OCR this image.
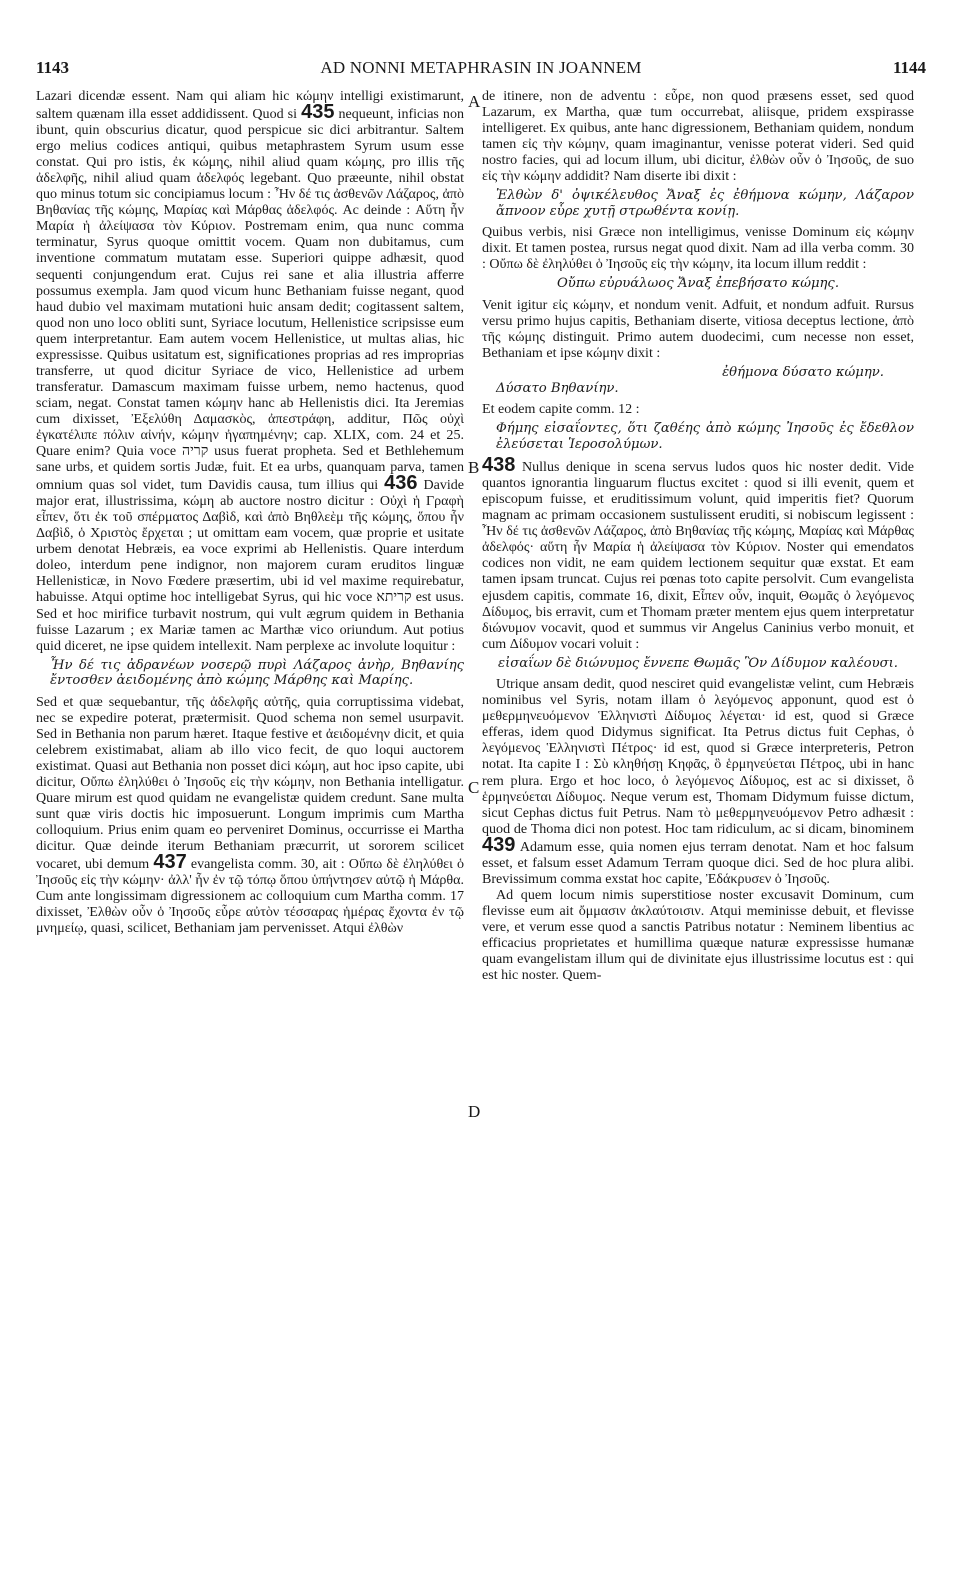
1143	AD NONNI METAPHRASIN IN JOANNEM	1144
A
B
C
D

Lazari dicendæ essent. Nam qui aliam hic κώμην intelligi existimarunt, saltem quænam illa esset addidissent. Quod si 435 nequeunt, inficias non ibunt, quin obscurius dicatur, quod perspicue sic dici arbitrantur. Saltem ergo melius codices antiqui, quibus metaphrastem Syrum usum esse constat. Qui pro istis, ἐκ κώμης, nihil aliud quam κώμης, pro illis τῆς ἀδελφῆς, nihil aliud quam ἀδελφός legebant. Quo præeunte, nihil obstat quo minus totum sic concipiamus locum : Ἦν δέ τις ἀσθενῶν Λάζαρος, ἀπὸ Βηθανίας τῆς κώμης, Μαρίας καὶ Μάρθας ἀδελφός. Ac deinde : Αὕτη ἦν Μαρία ἡ ἀλείψασα τὸν Κύριον. Postremam enim, qua nunc comma terminatur, Syrus quoque omittit vocem. Quam non dubitamus, cum inventione commatum mutatam esse. Superiori quippe adhæsit, quod sequenti conjungendum erat. Cujus rei sane et alia illustria afferre possumus exempla. Jam quod vicum hunc Bethaniam fuisse negant, quod haud dubio vel maximam mutationi huic ansam dedit; cogitassent saltem, quod non uno loco obliti sunt, Syriace locutum, Hellenistice scripsisse eum quem interpretantur. Eam autem vocem Hellenistice, ut multas alias, hic expressisse. Quibus usitatum est, significationes proprias ad res improprias transferre, ut quod dicitur Syriace de vico, Hellenistice ad urbem transferatur. Damascum maximam fuisse urbem, nemo hactenus, quod sciam, negat. Constat tamen κώμην hanc ab Hellenistis dici. Ita Jeremias cum dixisset, Ἐξελύθη Δαμασκὸς, ἀπεστράφη, additur, Πῶς οὐχὶ ἐγκατέλιπε πόλιν αἰνήν, κώμην ἠγαπημένην; cap. XLIX, com. 24 et 25. Quare enim? Quia voce קריה usus fuerat propheta. Sed et Bethlehemum sane urbs, et quidem sortis Judæ, fuit. Et ea urbs, quanquam parva, tamen omnium quas sol videt, tum Davidis causa, tum illius qui 436 Davide major erat, illustrissima, κώμη ab auctore nostro dicitur : Οὐχὶ ἡ Γραφὴ εἶπεν, ὅτι ἐκ τοῦ σπέρματος Δαβὶδ, καὶ ἀπὸ Βηθλεὲμ τῆς κώμης, ὅπου ἦν Δαβὶδ, ὁ Χριστὸς ἔρχεται ; ut omittam eam vocem, quæ proprie et usitate urbem denotat Hebræis, ea voce exprimi ab Hellenistis. Quare interdum doleo, interdum pene indignor, non majorem curam eruditos linguæ Hellenisticæ, in Novo Fœdere præsertim, ubi id vel maxime requirebatur, habuisse. Atqui optime hoc intelligebat Syrus, qui hic voce קריתא est usus. Sed et hoc mirifice turbavit nostrum, qui vult ægrum quidem in Bethania fuisse Lazarum ; ex Mariæ tamen ac Marthæ vico oriundum. Aut potius quid diceret, ne ipse quidem intellexit. Nam perplexe ac involute loquitur :

Ἦν δέ τις ἀδρανέων νοσερῷ πυρὶ Λάζαρος ἀνὴρ, Βηθανίης ἔντοσθεν ἀειδομένης ἀπὸ κώμης Μάρθης καὶ Μαρίης.

Sed et quæ sequebantur, τῆς ἀδελφῆς αὐτῆς, quia corruptissima videbat, nec se expedire poterat, prætermisit. Quod schema non semel usurpavit. Sed in Bethania non parum hæret. Itaque festive et ἀειδομένην dicit, et quia celebrem existimabat, aliam ab illo vico fecit, de quo loqui auctorem existimat. Quasi aut Bethania non posset dici κώμη, aut hoc ipso capite, ubi dicitur, Οὔπω ἐληλύθει ὁ Ἰησοῦς εἰς τὴν κώμην, non Bethania intelligatur. Quare mirum est quod quidam ne evangelistæ quidem credunt. Sane multa sunt quæ viris doctis hic imposuerunt. Longum imprimis cum Martha colloquium. Prius enim quam eo perveniret Dominus, occurrisse ei Martha dicitur. Quæ deinde iterum Bethaniam præcurrit, ut sororem scilicet vocaret, ubi demum 437 evangelista comm. 30, ait : Οὔπω δὲ ἐληλύθει ὁ Ἰησοῦς εἰς τὴν κώμην· ἀλλ' ἦν ἐν τῷ τόπῳ ὅπου ὑπήντησεν αὐτῷ ἡ Μάρθα. Cum ante longissimam digressionem ac colloquium cum Martha comm. 17 dixisset, Ἐλθὼν οὖν ὁ Ἰησοῦς εὗρε αὐτὸν τέσσαρας ἡμέρας ἔχοντα ἐν τῷ μνημείῳ, quasi, scilicet, Bethaniam jam pervenisset. Atqui ἐλθὼν

de itinere, non de adventu : εὗρε, non quod præsens esset, sed quod Lazarum, ex Martha, quæ tum occurrebat, aliisque, pridem exspirasse intelligeret. Ex quibus, ante hanc digressionem, Bethaniam quidem, nondum tamen εἰς τὴν κώμην, quam imaginantur, venisse poterat videri. Sed quid nostro facies, qui ad locum illum, ubi dicitur, ἐλθὼν οὖν ὁ Ἰησοῦς, de suo εἰς τὴν κώμην addidit? Nam diserte ibi dixit :

Ἐλθὼν δ' ὀψικέλευθος Ἄναξ ἐς ἐθήμονα κώμην, Λάζαρον ἄπνοον εὗρε χυτῇ στρωθέντα κονίῃ.

Quibus verbis, nisi Græce non intelligimus, venisse Dominum εἰς κώμην dixit. Et tamen postea, rursus negat quod dixit. Nam ad illa verba comm. 30 : Οὔπω δὲ ἐληλύθει ὁ Ἰησοῦς εἰς τὴν κώμην, ita locum illum reddit :

Οὔπω εὐρυάλωος Ἄναξ ἐπεβήσατο κώμης.

Venit igitur εἰς κώμην, et nondum venit. Adfuit, et nondum adfuit. Rursus versu primo hujus capitis, Bethaniam diserte, vitiosa deceptus lectione, ἀπὸ τῆς κώμης distinguit. Primo autem duodecimi, cum necesse non esset, Bethaniam et ipse κώμην dixit :

ἐθήμονα δύσατο κώμην.
Δύσατο Βηθανίην.

Et eodem capite comm. 12 :

Φήμης εἰσαΐοντες, ὅτι ζαθέης ἀπὸ κώμης Ἰησοῦς ἐς ἔδεθλον ἐλεύσεται Ἱεροσολύμων.

438 Nullus denique in scena servus ludos quos hic noster dedit. Vide quantos ignorantia linguarum fluctus excitet : quod si illi evenit, quem et episcopum fuisse, et eruditissimum volunt, quid imperitis fiet? Quorum magnam ac primam occasionem sustulissent eruditi, si nobiscum legissent : Ἦν δέ τις ἀσθενῶν Λάζαρος, ἀπὸ Βηθανίας τῆς κώμης, Μαρίας καὶ Μάρθας ἀδελφός· αὕτη ἦν Μαρία ἡ ἀλείψασα τὸν Κύριον. Noster qui emendatos codices non vidit, ne eam quidem lectionem sequitur quæ exstat. Et eam tamen ipsam truncat. Cujus rei pœnas toto capite persolvit. Cum evangelista ejusdem capitis, commate 16, dixit, Εἶπεν οὖν, inquit, Θωμᾶς ὁ λεγόμενος Δίδυμος, bis erravit, cum et Thomam præter mentem ejus quem interpretatur διώνυμον vocavit, quod et summus vir Angelus Caninius verbo monuit, et cum Δίδυμον vocari voluit :

εἰσαΐων δὲ διώνυμος ἔννεπε Θωμᾶς Ὃν Δίδυμον καλέουσι.

Utrique ansam dedit, quod nesciret quid evangelistæ velint, cum Hebræis nominibus vel Syris, notam illam ὁ λεγόμενος apponunt, quod est ὁ μεθερμηνευόμενον Ἑλληνιστὶ Δίδυμος λέγεται· id est, quod si Græce efferas, idem quod Didymus significat. Ita Petrus dictus fuit Cephas, ὁ λεγόμενος Ἑλληνιστὶ Πέτρος· id est, quod si Græce interpreteris, Petron notat. Ita capite I : Σὺ κληθήσῃ Κηφᾶς, ὃ ἑρμηνεύεται Πέτρος, ubi in hanc rem plura. Ergo et hoc loco, ὁ λεγόμενος Δίδυμος, est ac si dixisset, ὃ ἑρμηνεύεται Δίδυμος. Neque verum est, Thomam Didymum fuisse dictum, sicut Cephas dictus fuit Petrus. Nam τὸ μεθερμηνευόμενον Petro adhæsit : quod de Thoma dici non potest. Hoc tam ridiculum, ac si dicam, binominem 439 Adamum esse, quia nomen ejus terram denotat. Nam et hoc falsum esset, et falsum esset Adamum Terram quoque dici. Sed de hoc plura alibi. Brevissimum comma exstat hoc capite, Ἐδάκρυσεν ὁ Ἰησοῦς.

Ad quem locum nimis superstitiose noster excusavit Dominum, cum flevisse eum ait ὄμμασιν ἀκλαύτοισιν. Atqui meminisse debuit, et flevisse vere, et verum esse quod a sanctis Patribus notatur : Neminem libentius ac efficacius proprietates et humillima quæque naturæ expressisse humanæ quam evangelistam illum qui de divinitate ejus illustrissime locutus est : qui est hic noster. Quem-
